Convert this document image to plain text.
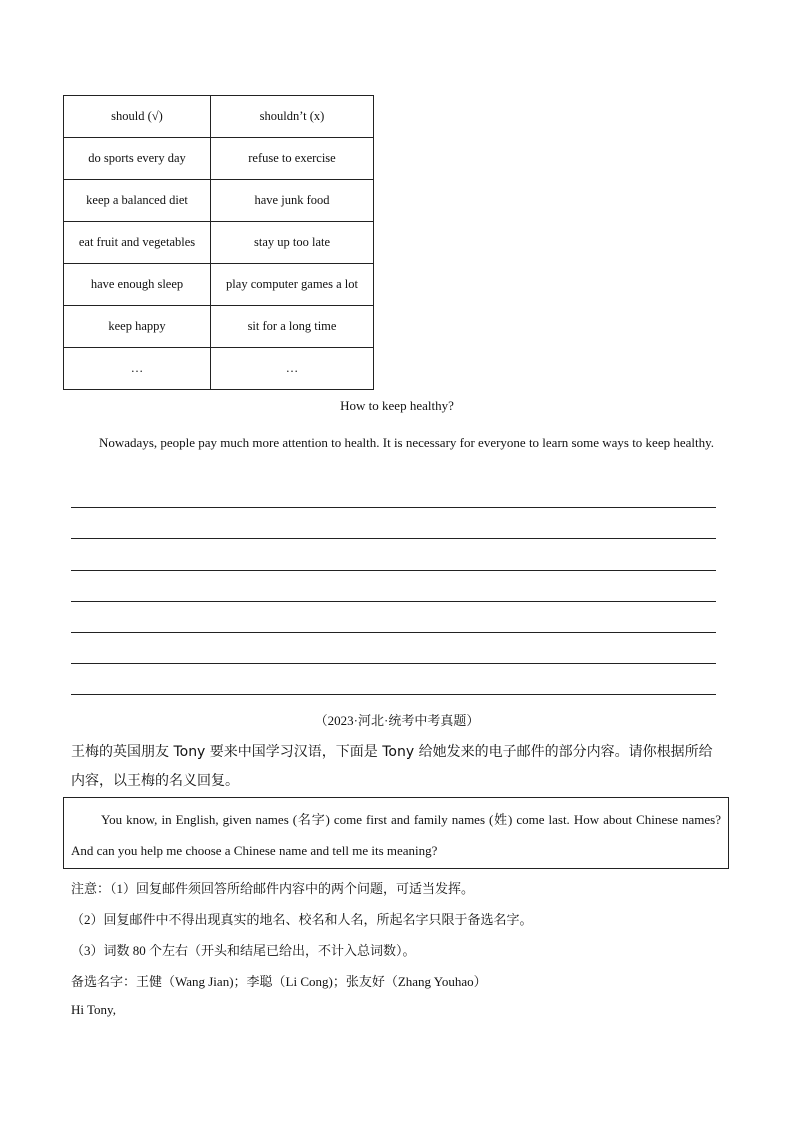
should (√)	shouldn’t (x)
do sports every day	refuse to exercise
keep a balanced diet	have junk food
eat fruit and vegetables	stay up too late
have enough sleep	play computer games a lot
keep happy	sit for a long time
…	…
How to keep healthy?
Nowadays, people pay much more attention to health. It is necessary for everyone to learn some ways to keep healthy.
（2023·河北·统考中考真题）
王梅的英国朋友 Tony 要来中国学习汉语，下面是 Tony 给她发来的电子邮件的部分内容。请你根据所给内容，以王梅的名义回复。

You know, in English, given names (名字) come first and family names (姓) come last. How about Chinese names? And can you help me choose a Chinese name and tell me its meaning?

注意：（1）回复邮件须回答所给邮件内容中的两个问题，可适当发挥。
（2）回复邮件中不得出现真实的地名、校名和人名，所起名字只限于备选名字。
（3）词数 80 个左右（开头和结尾已给出，不计入总词数）。
备选名字：王健（Wang Jian)；李聪（Li Cong)；张友好（Zhang Youhao）
Hi Tony,
